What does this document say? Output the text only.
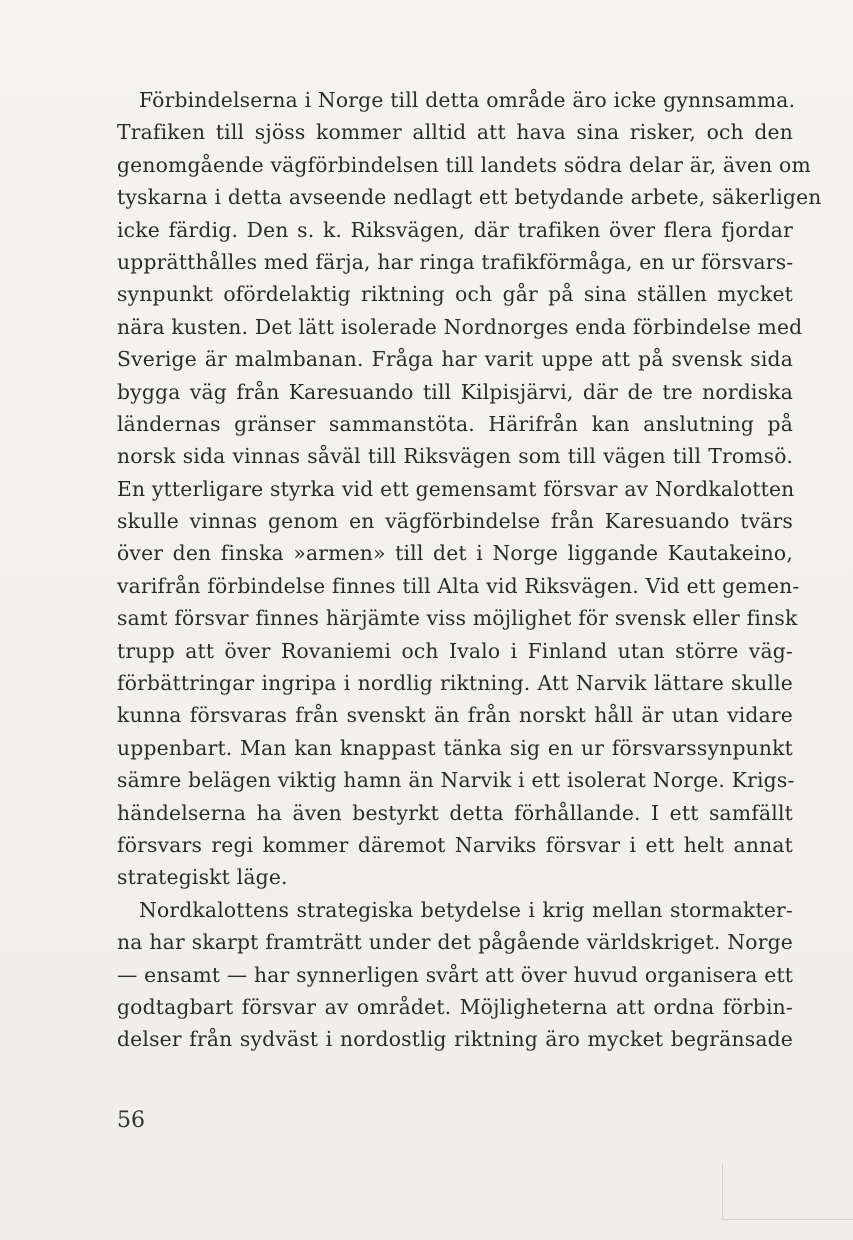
Förbindelserna i Norge till detta område äro icke gynnsamma.
Trafiken till sjöss kommer alltid att hava sina risker, och den
genomgående vägförbindelsen till landets södra delar är, även om
tyskarna i detta avseende nedlagt ett betydande arbete, säkerligen
icke färdig. Den s. k. Riksvägen, där trafiken över flera fjordar
upprätthålles med färja, har ringa trafikförmåga, en ur försvars-
synpunkt ofördelaktig riktning och går på sina ställen mycket
nära kusten. Det lätt isolerade Nordnorges enda förbindelse med
Sverige är malmbanan. Fråga har varit uppe att på svensk sida
bygga väg från Karesuando till Kilpisjärvi, där de tre nordiska
ländernas gränser sammanstöta. Härifrån kan anslutning på
norsk sida vinnas såväl till Riksvägen som till vägen till Tromsö.
En ytterligare styrka vid ett gemensamt försvar av Nordkalotten
skulle vinnas genom en vägförbindelse från Karesuando tvärs
över den finska »armen» till det i Norge liggande Kautakeino,
varifrån förbindelse finnes till Alta vid Riksvägen. Vid ett gemen-
samt försvar finnes härjämte viss möjlighet för svensk eller finsk
trupp att över Rovaniemi och Ivalo i Finland utan större väg-
förbättringar ingripa i nordlig riktning. Att Narvik lättare skulle
kunna försvaras från svenskt än från norskt håll är utan vidare
uppenbart. Man kan knappast tänka sig en ur försvarssynpunkt
sämre belägen viktig hamn än Narvik i ett isolerat Norge. Krigs-
händelserna ha även bestyrkt detta förhållande. I ett samfällt
försvars regi kommer däremot Narviks försvar i ett helt annat
strategiskt läge.
Nordkalottens strategiska betydelse i krig mellan stormakter-
na har skarpt framträtt under det pågående världskriget. Norge
— ensamt — har synnerligen svårt att över huvud organisera ett
godtagbart försvar av området. Möjligheterna att ordna förbin-
delser från sydväst i nordostlig riktning äro mycket begränsade
56
